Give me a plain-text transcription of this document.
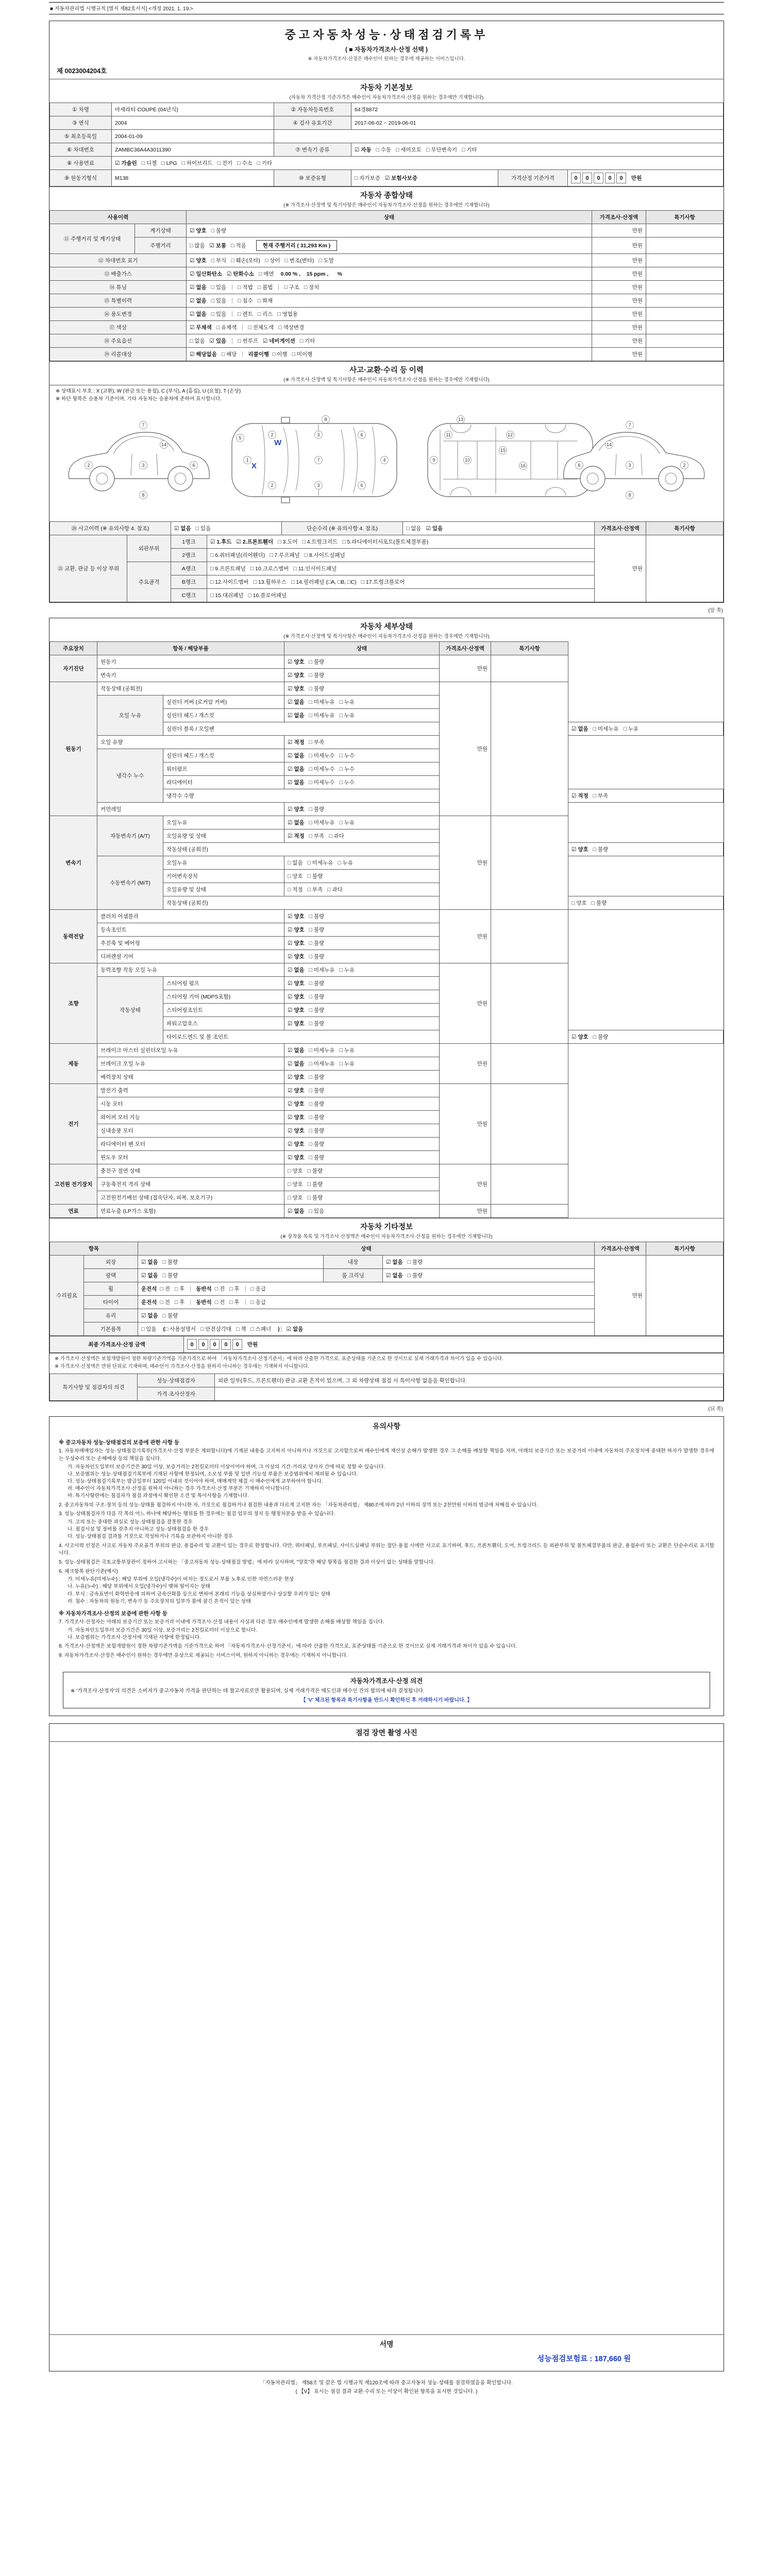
■ 자동차관리법 시행규칙 [별지 제82호서식] <개정 2021. 1. 19.>
중고자동차성능·상태점검기록부
( ■ 자동차가격조사·산정 선택 )
※ 자동차가격조사·산정은 매수인이 원하는 경우에 제공하는 서비스입니다.
제 0023004204호
자동차 기본정보
(자동차 가격산정 기준가격은 매수인이 자동차가격조사·산정을 원하는 경우에만 기재합니다)
① 차명	마세라티 COUPE (04년식)	② 자동차등록번호	64경8872		
③ 연식	2004	④ 검사 유효기간	2017-06-02 ~ 2019-06-01		
⑤ 최초등록일	2004-01-09				
⑥ 차대번호	ZAMBC38A4A3011390	⑦ 변속기 종류	☑ 자동 □ 수동 □ 세미오토 □ 무단변속기 □ 기타		
⑧ 사용연료	☑ 가솔린 □ 디젤 □ LPG □ 하이브리드 □ 전기 □ 수소 □ 기타				
⑨ 원동기형식	M138	⑩ 보증유형	□ 자가보증 ☑ 보험사보증	가격산정 기준가격	0 0 0 0 0 만원
자동차 종합상태
(※ 가격조사·산정액 및 특기사항은 매수인이 자동차가격조사·산정을 원하는 경우에만 기재합니다)
사용이력		상태	가격조사·산정액	특기사항
⑪ 주행거리 및 계기상태	계기상태	☑ 양호 □ 불량	만원	
	주행거리	□ 많음 ☑ 보통 □ 적음 현재 주행거리 ( 31,293 Km )	만원	
⑫ 차대번호 표기		☑ 양호 □ 부식 □ 훼손(오타) □ 상이 □ 변조(변타) □ 도말	만원	
⑬ 배출가스		☑ 일산화탄소 ☑ 탄화수소 □ 매연 0.00 % ,    15 ppm ,      %	만원	
⑭ 튜닝		☑ 없음 □ 있음 □ 적법 □ 불법 □ 구조 □ 장치	만원	
⑮ 특별이력		☑ 없음 □ 있음 □ 침수 □ 화재	만원	
⑯ 용도변경		☑ 없음 □ 있음 □ 렌트 □ 리스 □ 영업용	만원	
⑰ 색상		☑ 무채색 □ 유채색 □ 전체도색 □ 색상변경	만원	
⑱ 주요옵션		□ 없음 ☑ 있음 □ 썬루프 ☑ 네비게이션 □ 기타	만원	
⑲ 리콜대상		☑ 해당없음 □ 해당 리콜이행 □ 이행 □ 미이행	만원	
사고·교환·수리 등 이력
(※ 가격조사·산정액 및 특기사항은 매수인이 자동차가격조사·산정을 원하는 경우에만 기재합니다)
※ 상태표시 부호 : X (교환), W (판금 또는 용접), C (부식), A (흠집), U (요철), T (손상)
※ 하단 항목은 승용차 기준이며, 기타 자동차는 승용차에 준하여 표시합니다.
2	3	6
7
8
14
1
5
2
2
3
3
7
6
6
4
8
X
W
9	10
11	12
13
15
16	2
3
6
7
8
14
⑳ 사고이력 (※ 유의사항 4. 참조)	☑ 없음 □ 있음	단순수리 (※ 유의사항 4. 참조)	□ 없음 ☑ 있음	가격조사·산정액	특기사항
㉑ 교환, 판금 등 이상 부위	외판부위	1랭크	☑ 1.후드 ☑ 2.프론트휀더 □ 3.도어 □ 4.트렁크리드 □ 5.라디에이터서포트(볼트체결부품)	만원	
		2랭크	□ 6.쿼터패널(리어휀더) □ 7.루프패널 □ 8.사이드실패널		
	주요골격	A랭크	□ 9.프론트패널 □ 10.크로스멤버 □ 11.인사이드패널		
		B랭크	□ 12.사이드멤버 □ 13.휠하우스 □ 14.필러패널 (□A, □B, □C) □ 17.트렁크플로어		
		C랭크	□ 15.대쉬패널 □ 16.플로어패널		
(앞 쪽)
자동차 세부상태
(※ 가격조사·산정액 및 특기사항은 매수인이 자동차가격조사·산정을 원하는 경우에만 기재합니다)
주요장치	항목 / 해당부품		상태	가격조사·산정액	특기사항	
자기진단	원동기		☑ 양호 □ 불량	만원		
	변속기		☑ 양호 □ 불량			
원동기	작동상태 (공회전)		☑ 양호 □ 불량	만원		
	오일 누유	실린더 커버 (로커암 커버)	☑ 없음 □ 미세누유 □ 누유			
		실린더 헤드 / 개스킷	☑ 없음 □ 미세누유 □ 누유			
		실린더 블록 / 오일팬				☑ 없음 □ 미세누유 □ 누유
	오일 유량		☑ 적정 □ 부족			
	냉각수 누수	실린더 헤드 / 개스킷	☑ 없음 □ 미세누수 □ 누수			
		워터펌프	☑ 없음 □ 미세누수 □ 누수			
		라디에이터	☑ 없음 □ 미세누수 □ 누수			
		냉각수 수량				☑ 적정 □ 부족
	커먼레일		☑ 양호 □ 불량			
변속기	자동변속기 (A/T)	오일누유	☑ 없음 □ 미세누유 □ 누유	만원		
		오일유량 및 상태	☑ 적정 □ 부족 □ 과다			
		작동상태 (공회전)				☑ 양호 □ 불량
	수동변속기 (M/T)	오일누유	□ 없음 □ 미세누유 □ 누유			
		기어변속장치	□ 양호 □ 불량			
		오일유량 및 상태	□ 적정 □ 부족 □ 과다			
		작동상태 (공회전)				□ 양호 □ 불량
동력전달	클러치 어셈블리		☑ 양호 □ 불량	만원		
	등속조인트		☑ 양호 □ 불량			
	추진축 및 베어링		☑ 양호 □ 불량			
	디퍼렌셜 기어		☑ 양호 □ 불량			
조향	동력조향 작동 오일 누유		☑ 없음 □ 미세누유 □ 누유	만원		
	작동상태	스티어링 펌프	☑ 양호 □ 불량			
		스티어링 기어 (MDPS포함)	☑ 양호 □ 불량			
		스티어링조인트	☑ 양호 □ 불량			
		파워고압호스	☑ 양호 □ 불량			
		타이로드엔드 및 볼 조인트				☑ 양호 □ 불량
제동	브레이크 마스터 실린더오일 누유		☑ 없음 □ 미세누유 □ 누유	만원		
	브레이크 오일 누유		☑ 없음 □ 미세누유 □ 누유			
	배력장치 상태		☑ 양호 □ 불량			
전기	발전기 출력		☑ 양호 □ 불량	만원		
	시동 모터		☑ 양호 □ 불량			
	와이퍼 모터 기능		☑ 양호 □ 불량			
	실내송풍 모터		☑ 양호 □ 불량			
	라디에이터 팬 모터		☑ 양호 □ 불량			
	윈도우 모터		☑ 양호 □ 불량			
고전원 전기장치	충전구 절연 상태		□ 양호 □ 불량	만원		
	구동축전지 격리 상태		□ 양호 □ 불량			
	고전원전기배선 상태 (접속단자, 피복, 보호기구)		□ 양호 □ 불량			
연료	연료누출 (LP가스 포함)		☑ 없음 □ 있음	만원		
자동차 기타정보
(※ 장착품 목록 및 가격조사·산정액은 매수인이 자동차가격조사·산정을 원하는 경우에만 기재합니다)
항목		상태			가격조사·산정액	특기사항
수리필요	외장	☑ 없음 □ 불량	내장	☑ 없음 □ 불량	만원	
	광택	☑ 없음 □ 불량	룸 크리닝	☑ 없음 □ 불량		
	휠	운전석 □ 전 □ 후 동반석 □ 전 □ 후 □ 응급				
	타이어	운전석 □ 전 □ 후 동반석 □ 전 □ 후 □ 응급				
	유리	☑ 없음 □ 불량				
	기본품목	□ 있음 (□ 사용설명서 □ 안전삼각대 □ 잭 □ 스패너 ) ☑ 없음				
최종 가격조사·산정 금액	0 0 0 0 0 만원
※ 가격조사·산정액은 보험개발원이 정한 차량기준가액을 기준가격으로 하여 「자동차가격조사·산정기준서」에 따라 산출한 가격으로, 표준상태를 기준으로 한 것이므로 실제 거래가격과 차이가 있을 수 있습니다.
※ 가격조사·산정액은 만원 단위로 기재하며, 매수인이 가격조사·산정을 원하지 아니하는 경우에는 기재하지 아니합니다.
특기사항 및 점검자의 의견	성능·상태점검자	외판 일부(후드, 프론트휀더) 판금·교환 흔적이 있으며, 그 외 차량상태 점검 시 특이사항 없음을 확인합니다.
	가격·조사산정자	
(뒤 쪽)
유의사항
※ 중고자동차 성능·상태점검의 보증에 관한 사항 등
1. 자동차매매업자는 성능·상태점검기록부(가격조사·산정 부분은 제외합니다)에 기재된 내용을 고지하지 아니하거나 거짓으로 고지함으로써 매수인에게 재산상 손해가 발생한 경우 그 손해를 배상할 책임을 지며, 아래의 보증기간 또는 보증거리 이내에 자동차의 주요장치에 중대한 하자가 발생한 경우에는 무상수리 또는 손해배상 등의 책임을 집니다.
가. 자동차인도일부터 보증기간은 30일 이상, 보증거리는 2천킬로미터 이상이어야 하며, 그 이상의 기간·거리로 당사자 간에 따로 정할 수 있습니다.
나. 보증범위는 성능·상태점검기록부에 기재된 사항에 한정되며, 소모성 부품 및 일반 기능성 부품은 보증범위에서 제외될 수 있습니다.
다. 성능·상태점검기록부는 발급일부터 120일 이내의 것이어야 하며, 매매계약 체결 시 매수인에게 교부하여야 합니다.
라. 매수인이 자동차가격조사·산정을 원하지 아니하는 경우 가격조사·산정 부분은 기재하지 아니합니다.
마. 특기사항란에는 점검자가 점검 과정에서 확인한 소견 및 특이사항을 기재합니다.
2. 중고자동차의 구조·장치 등의 성능·상태를 점검하지 아니한 자, 거짓으로 점검하거나 점검한 내용과 다르게 고지한 자는 「자동차관리법」 제80조에 따라 2년 이하의 징역 또는 2천만원 이하의 벌금에 처해질 수 있습니다.
3. 성능·상태점검자가 다음 각 목의 어느 하나에 해당하는 행위를 한 경우에는 점검 업무의 정지 등 행정처분을 받을 수 있습니다.
가. 고의 또는 중대한 과실로 성능·상태점검을 잘못한 경우
나. 점검시설 및 장비를 갖추지 아니하고 성능·상태점검을 한 경우
다. 성능·상태점검 결과를 거짓으로 작성하거나 기록을 보관하지 아니한 경우
4. 사고이력 인정은 사고로 자동차 주요골격 부위의 판금, 용접수리 및 교환이 있는 경우로 한정합니다. 다만, 쿼터패널, 루프패널, 사이드실패널 부위는 절단·용접 시에만 사고로 표기하며, 후드, 프론트휀더, 도어, 트렁크리드 등 외판부위 및 볼트체결부품의 판금, 용접수리 또는 교환은 단순수리로 표기합니다.
5. 성능·상태점검은 국토교통부장관이 정하여 고시하는 「중고자동차 성능·상태점검 방법」에 따라 실시하며, "양호"란 해당 항목을 점검한 결과 이상이 없는 상태를 말합니다.
6. 체크항목 판단기준(예시)
가. 미세누유(미세누수) : 해당 부위에 오일(냉각수)이 비치는 정도로서 부품 노후로 인한 자연스러운 현상
나. 누유(누수) : 해당 부위에서 오일(냉각수)이 맺혀 떨어지는 상태
다. 부식 : 금속표면이 화학반응에 의하여 금속산화물 등으로 변하여 본래의 기능을 상실하였거나 상실할 우려가 있는 상태
라. 침수 : 자동차의 원동기, 변속기 등 주요장치의 일부가 물에 잠긴 흔적이 있는 상태
※ 자동차가격조사·산정의 보증에 관한 사항 등
7. 가격조사·산정자는 아래의 보증기간 또는 보증거리 이내에 가격조사·산정 내용이 사실과 다른 경우 매수인에게 발생한 손해를 배상할 책임을 집니다.
가. 자동차인도일부터 보증기간은 30일 이상, 보증거리는 2천킬로미터 이상으로 합니다.
나. 보증범위는 가격조사·산정서에 기재된 사항에 한정됩니다.
8. 가격조사·산정액은 보험개발원이 정한 차량기준가액을 기준가격으로 하여 「자동차가격조사·산정기준서」에 따라 산출한 가격으로, 표준상태를 기준으로 한 것이므로 실제 거래가격과 차이가 있을 수 있습니다.
9. 자동차가격조사·산정은 매수인이 원하는 경우에만 유상으로 제공되는 서비스이며, 원하지 아니하는 경우에는 기재하지 아니합니다.
자동차가격조사·산정 의견
※ '가격조사·산정자'의 의견은 소비자가 중고자동차 가격을 판단하는 데 참고자료로만 활용되며, 실제 거래가격은 매도인과 매수인 간의 합의에 따라 결정됩니다.
【 'V' 체크된 항목과 특기사항을 반드시 확인하신 후 거래하시기 바랍니다. 】
점검 장면 촬영 사진
서명
성능점검보험료 : 187,660 원
「자동차관리법」 제58조 및 같은 법 시행규칙 제120조에 따라 중고자동차 성능·상태를 점검하였음을 확인합니다.
( 【V】 표시는 점검 결과 교환·수리 또는 이상이 확인된 항목을 표시한 것입니다. )
